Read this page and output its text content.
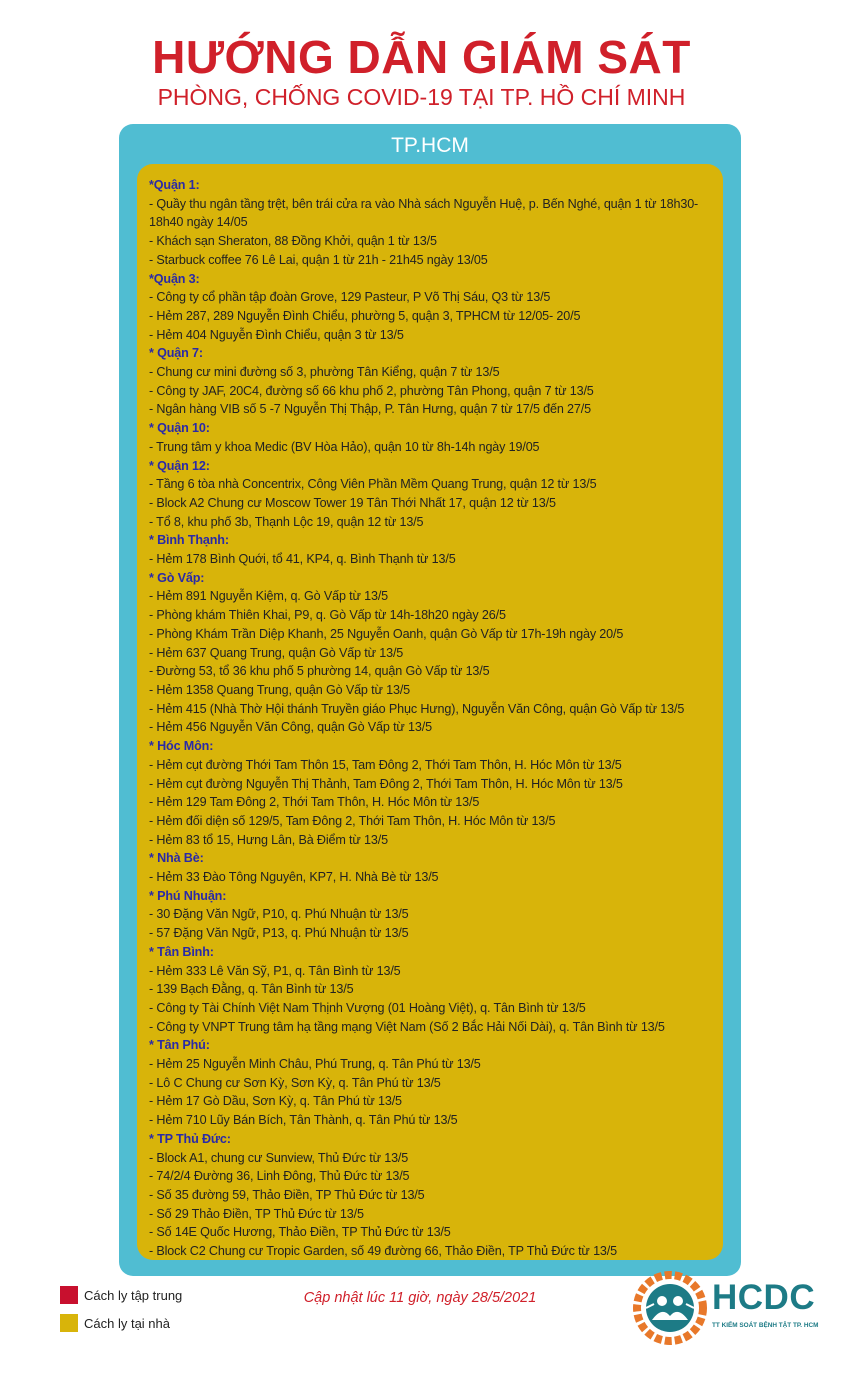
HƯỚNG DẪN GIÁM SÁT
PHÒNG, CHỐNG COVID-19 TẠI TP. HỒ CHÍ MINH
TP.HCM
*Quận 1:
- Quầy thu ngân tầng trệt, bên trái cửa ra vào Nhà sách Nguyễn Huệ, p. Bến Nghé, quận 1 từ 18h30-18h40 ngày 14/05
- Khách sạn Sheraton, 88 Đồng Khởi, quận 1 từ 13/5
- Starbuck coffee 76 Lê Lai, quận 1 từ 21h - 21h45 ngày 13/05
*Quận 3:
- Công ty cổ phần tập đoàn Grove, 129 Pasteur, P Võ Thị Sáu, Q3 từ 13/5
- Hẻm 287, 289 Nguyễn Đình Chiểu, phường 5, quận 3, TPHCM từ 12/05- 20/5
- Hẻm 404 Nguyễn Đình Chiểu, quận 3 từ 13/5
* Quận 7:
- Chung cư mini đường số 3, phường Tân Kiểng, quận 7 từ 13/5
- Công ty JAF, 20C4, đường số 66 khu phố 2, phường Tân Phong, quận 7 từ 13/5
- Ngân hàng VIB số 5 -7 Nguyễn Thị Thập, P. Tân Hưng, quận 7 từ 17/5 đến 27/5
* Quận 10:
- Trung tâm y khoa Medic (BV Hòa Hảo), quận 10 từ 8h-14h ngày 19/05
* Quận 12:
- Tầng 6 tòa nhà Concentrix, Công Viên Phần Mềm Quang Trung, quận 12 từ 13/5
- Block A2 Chung cư Moscow Tower 19 Tân Thới Nhất 17, quận 12 từ 13/5
- Tổ 8, khu phố 3b, Thạnh Lộc 19, quận 12 từ 13/5
* Bình Thạnh:
- Hẻm 178 Bình Quới, tổ 41, KP4, q. Bình Thạnh từ 13/5
* Gò Vấp:
- Hẻm 891 Nguyễn Kiệm, q. Gò Vấp từ 13/5
- Phòng khám Thiên Khai, P9, q. Gò Vấp từ 14h-18h20 ngày 26/5
- Phòng Khám Trần Diệp Khanh, 25 Nguyễn Oanh, quận Gò Vấp từ 17h-19h ngày 20/5
- Hẻm 637 Quang Trung, quận Gò Vấp từ 13/5
- Đường 53, tổ 36 khu phố 5 phường 14, quận Gò Vấp từ 13/5
- Hẻm 1358 Quang Trung, quận Gò Vấp từ 13/5
- Hẻm 415 (Nhà Thờ Hội thánh Truyền giáo Phục Hưng), Nguyễn Văn Công, quận Gò Vấp từ 13/5
- Hẻm 456 Nguyễn Văn Công, quận Gò Vấp từ 13/5
* Hóc Môn:
- Hẻm cụt đường Thới Tam Thôn 15, Tam Đông 2, Thới Tam Thôn, H. Hóc Môn từ 13/5
- Hẻm cụt đường Nguyễn Thị Thảnh, Tam Đông 2, Thới Tam Thôn, H. Hóc Môn từ 13/5
- Hẻm 129 Tam Đông 2, Thới Tam Thôn, H. Hóc Môn từ 13/5
- Hẻm đối diện số 129/5, Tam Đông 2, Thới Tam Thôn, H. Hóc Môn từ 13/5
- Hẻm 83 tổ 15, Hưng Lân, Bà Điểm từ 13/5
* Nhà Bè:
- Hẻm 33 Đào Tông Nguyên, KP7, H. Nhà Bè từ 13/5
* Phú Nhuận:
- 30 Đặng Văn Ngữ, P10, q. Phú Nhuận từ 13/5
- 57 Đặng Văn Ngữ, P13, q. Phú Nhuận từ 13/5
* Tân Bình:
- Hẻm 333 Lê Văn Sỹ, P1, q. Tân Bình từ 13/5
- 139 Bạch Đằng, q. Tân Bình từ 13/5
- Công ty Tài Chính Việt Nam Thịnh Vượng (01 Hoàng Việt), q. Tân Bình từ 13/5
- Công ty VNPT Trung tâm hạ tầng mạng Việt Nam (Số 2 Bắc Hải Nối Dài), q. Tân Bình từ 13/5
* Tân Phú:
- Hẻm 25 Nguyễn Minh Châu, Phú Trung, q. Tân Phú từ 13/5
- Lô C Chung cư Sơn Kỳ, Sơn Kỳ, q. Tân Phú từ 13/5
- Hẻm 17 Gò Dầu, Sơn Kỳ, q. Tân Phú từ 13/5
- Hẻm 710 Lũy Bán Bích, Tân Thành, q. Tân Phú từ 13/5
* TP Thủ Đức:
- Block A1, chung cư Sunview, Thủ Đức từ 13/5
- 74/2/4 Đường 36, Linh Đông, Thủ Đức từ 13/5
- Số 35 đường 59, Thảo Điền, TP Thủ Đức từ 13/5
- Số 29 Thảo Điền, TP Thủ Đức từ 13/5
- Số 14E Quốc Hương, Thảo Điền, TP Thủ Đức từ 13/5
- Block C2 Chung cư Tropic Garden, số 49 đường 66, Thảo Điền, TP Thủ Đức từ 13/5
Cách ly tập trung
Cách ly tại nhà
Cập nhật lúc 11 giờ, ngày 28/5/2021	HCDC
TT KIỂM SOÁT BỆNH TẬT TP. HCM
